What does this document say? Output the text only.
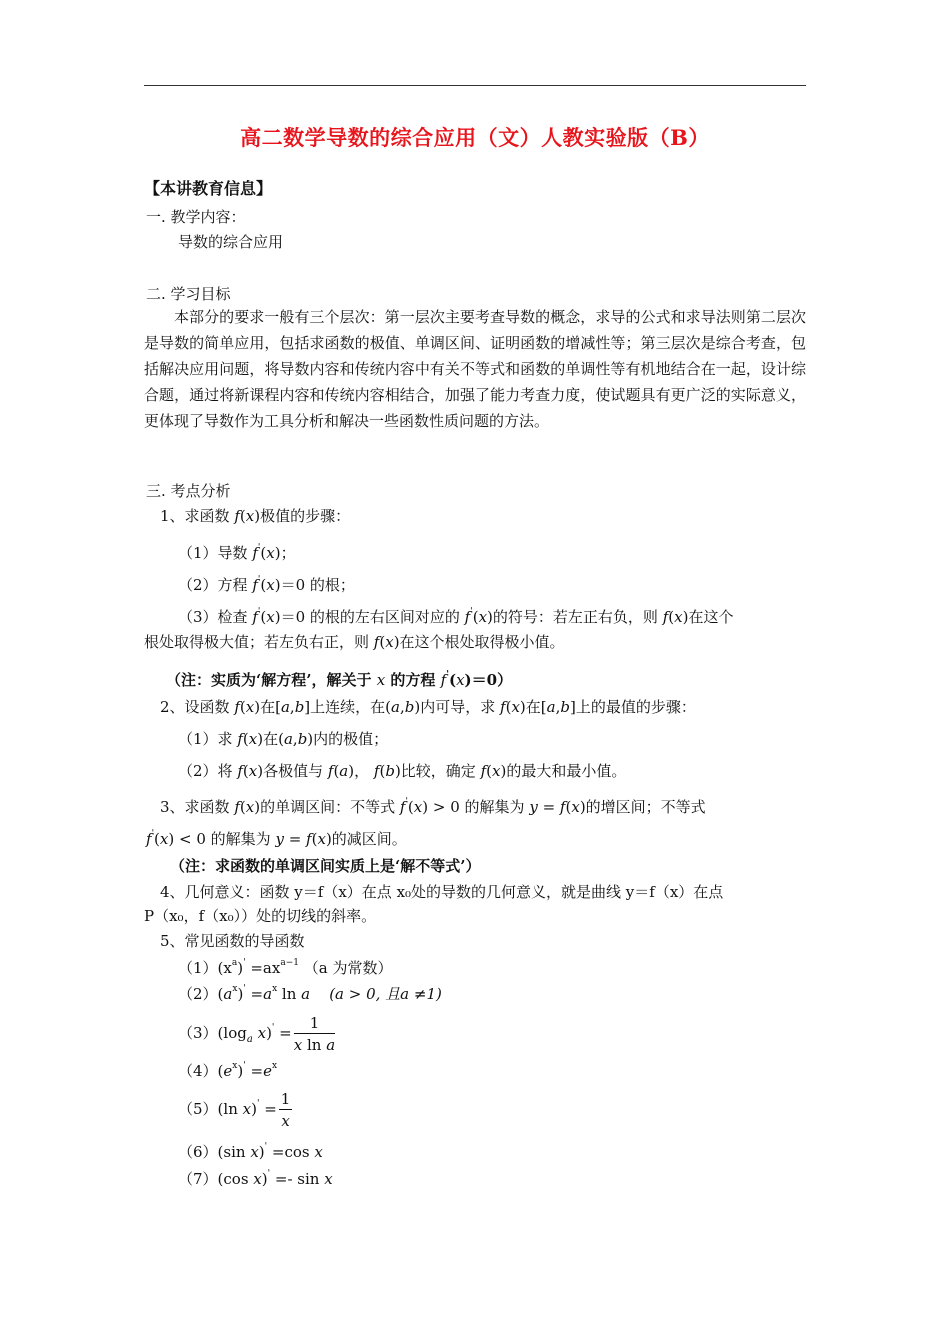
高二数学导数的综合应用（文）人教实验版（B）
【本讲教育信息】
一. 教学内容：
导数的综合应用
二. 学习目标
本部分的要求一般有三个层次：第一层次主要考查导数的概念，求导的公式和求导法则第二层次是导数的简单应用，包括求函数的极值、单调区间、证明函数的增减性等；第三层次是综合考查，包括解决应用问题，将导数内容和传统内容中有关不等式和函数的单调性等有机地结合在一起，设计综合题，通过将新课程内容和传统内容相结合，加强了能力考查力度，使试题具有更广泛的实际意义，更体现了导数作为工具分析和解决一些函数性质问题的方法。
三. 考点分析
1、求函数 f(x)极值的步骤：
（1）导数 f'(x)；
（2）方程 f'(x)＝0 的根；
（3）检查 f'(x)＝0 的根的左右区间对应的 f'(x)的符号：若左正右负，则 f(x)在这个
根处取得极大值；若左负右正，则 f(x)在这个根处取得极小值。
（注：实质为‘解方程’，解关于 x 的方程 f'(x)＝0）
2、设函数 f(x)在[a,b]上连续，在(a,b)内可导，求 f(x)在[a,b]上的最值的步骤：
（1）求 f(x)在(a,b)内的极值；
（2）将 f(x)各极值与 f(a)， f(b)比较，确定 f(x)的最大和最小值。
3、求函数 f(x)的单调区间：不等式 f'(x) > 0 的解集为 y = f(x)的增区间；不等式
f'(x) < 0 的解集为 y = f(x)的减区间。
（注：求函数的单调区间实质上是‘解不等式’）
4、几何意义：函数 y＝f（x）在点 x₀处的导数的几何意义，就是曲线 y＝f（x）在点
P（x₀，f（x₀））处的切线的斜率。
5、常见函数的导函数
$(1)(x^a)' =ax^{a-1}$ （a 为常数）
$(2)(a^x)' =a^x$ ln a (a > 0, 且a ≠1)
$(3)(\log_a$ $x)' = \frac{1}{\text{x ln a}}$
$(4)(e^x)' =e^x$
（5）(ln $x)' = \frac{1}{x}$
（6）(sin x)' =cos x
（7）(cos x)' =- sin x
